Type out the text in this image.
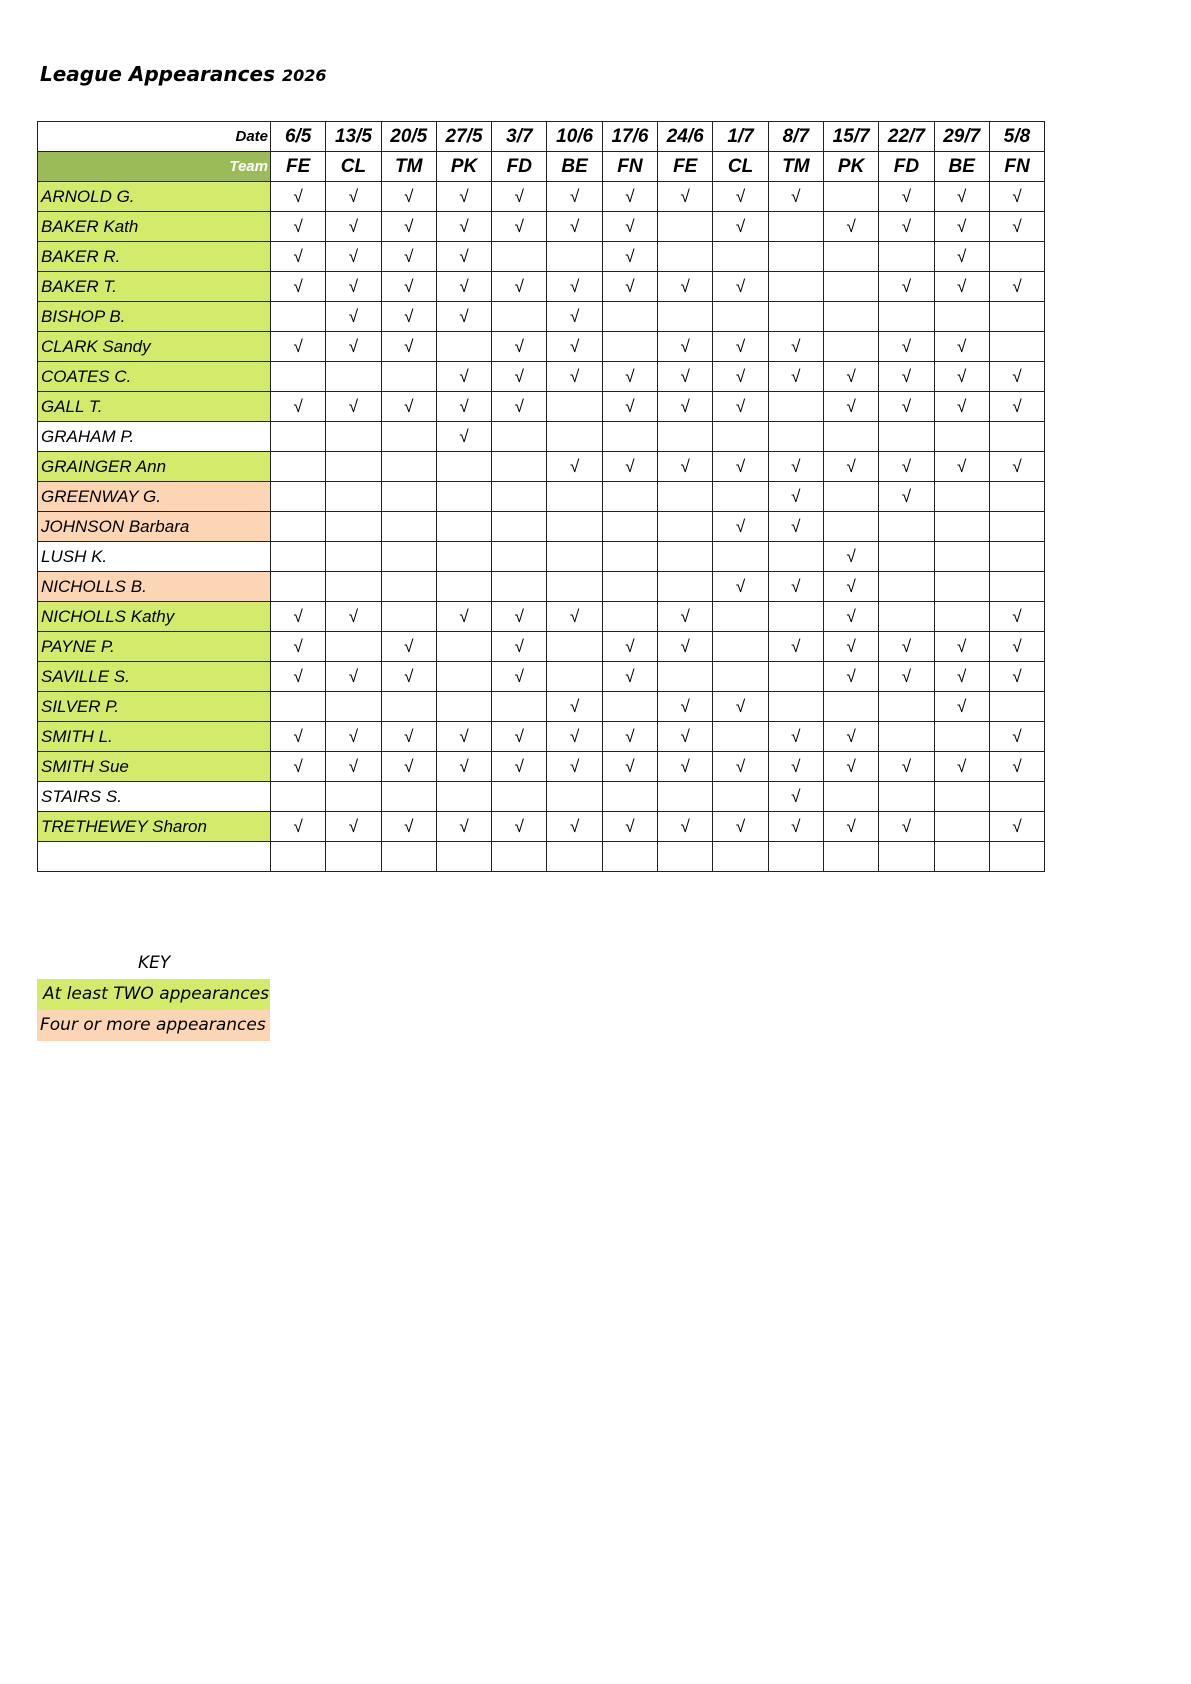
League Appearances 2026
Date	6/5	13/5	20/5	27/5	3/7	10/6	17/6	24/6	1/7	8/7	15/7	22/7	29/7	5/8
Team	FE	CL	TM	PK	FD	BE	FN	FE	CL	TM	PK	FD	BE	FN
ARNOLD G.	√	√	√	√	√	√	√	√	√	√		√	√	√
BAKER Kath	√	√	√	√	√	√	√		√		√	√	√	√
BAKER R.	√	√	√	√			√						√	
BAKER T.	√	√	√	√	√	√	√	√	√			√	√	√
BISHOP B.		√	√	√		√								
CLARK Sandy	√	√	√		√	√		√	√	√		√	√	
COATES C.				√	√	√	√	√	√	√	√	√	√	√
GALL T.	√	√	√	√	√		√	√	√		√	√	√	√
GRAHAM P.				√										
GRAINGER Ann						√	√	√	√	√	√	√	√	√
GREENWAY G.										√		√		
JOHNSON Barbara									√	√				
LUSH K.											√			
NICHOLLS B.									√	√	√			
NICHOLLS Kathy	√	√		√	√	√		√			√			√
PAYNE P.	√		√		√		√	√		√	√	√	√	√
SAVILLE S.	√	√	√		√		√				√	√	√	√
SILVER P.						√		√	√				√	
SMITH L.	√	√	√	√	√	√	√	√		√	√			√
SMITH Sue	√	√	√	√	√	√	√	√	√	√	√	√	√	√
STAIRS S.										√				
TRETHEWEY Sharon	√	√	√	√	√	√	√	√	√	√	√	√		√

KEY
At least TWO appearances
Four or more appearances
